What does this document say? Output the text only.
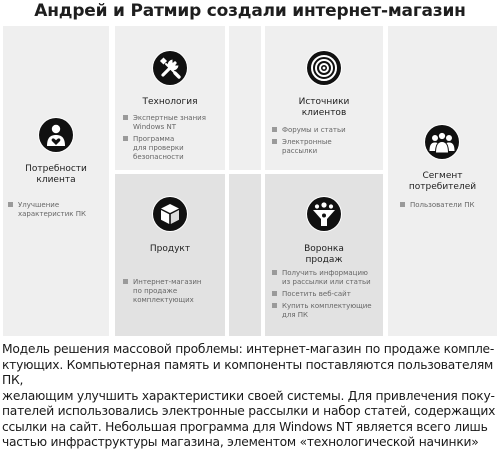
Андрей и Ратмир создали интернет-магазин
Потребности
клиента
Улучшение
характеристик ПК
Технология
Экспертные знания
Windows NT
Программа
для проверки
безопасности
Продукт
Интернет-магазин
по продаже
комплектующих
Источники
клиентов
Форумы и статьи
Электронные
рассылки
Воронка
продаж
Получить информацию
из рассылки или статьи
Посетить веб-сайт
Купить комплектующие
для ПК
Сегмент
потребителей
Пользователи ПК
Модель решения массовой проблемы: интернет-магазин по продаже компле-
ктующих. Компьютерная память и компоненты поставляются пользователям ПК,
желающим улучшить характеристики своей системы. Для привлечения поку-
пателей использовались электронные рассылки и набор статей, содержащих
ссылки на сайт. Небольшая программа для Windows NT является всего лишь
частью инфраструктуры магазина, элементом «технологической начинки»
